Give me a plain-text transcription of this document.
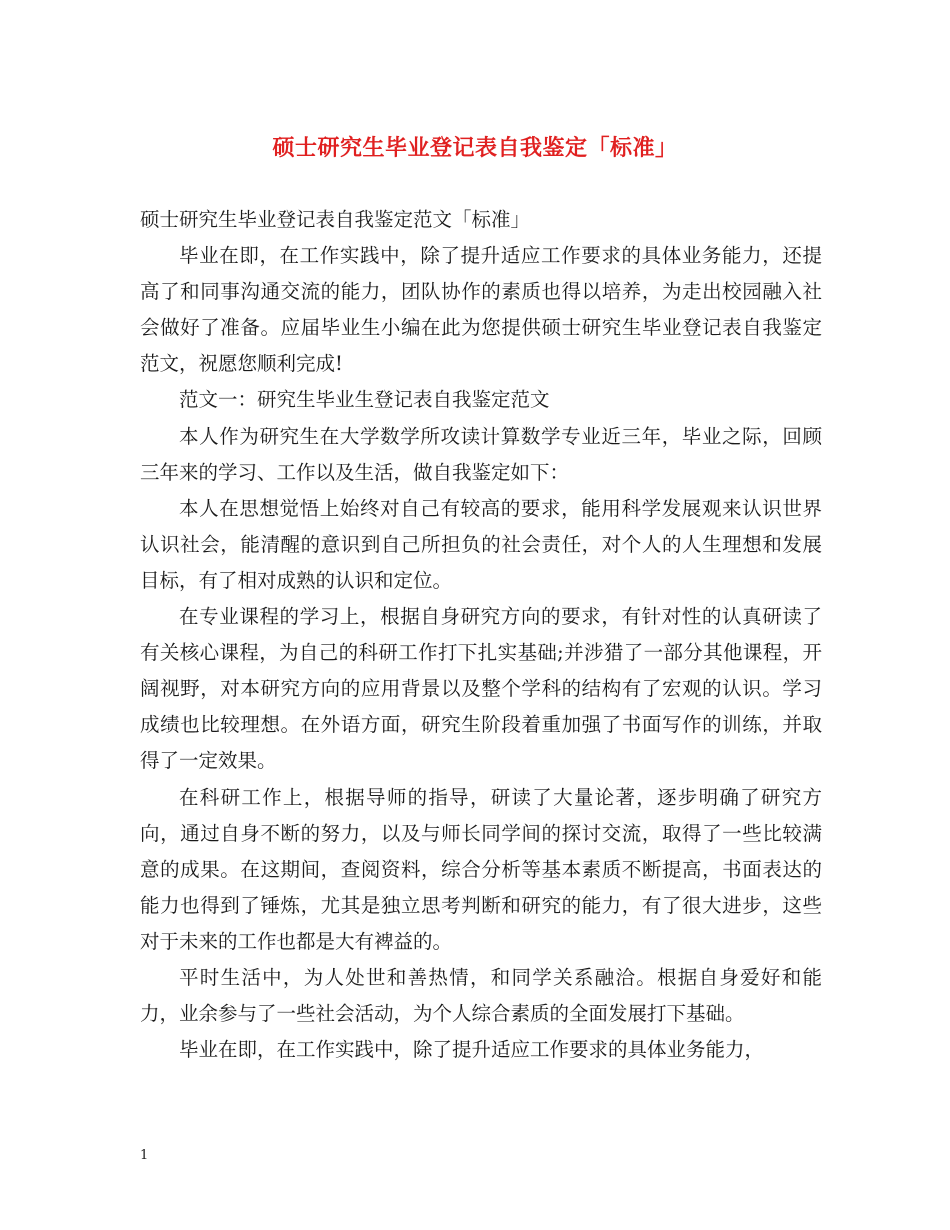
硕士研究生毕业登记表自我鉴定「标准」

硕士研究生毕业登记表自我鉴定范文「标准」

毕业在即，在工作实践中，除了提升适应工作要求的具体业务能力，还提高了和同事沟通交流的能力，团队协作的素质也得以培养，为走出校园融入社会做好了准备。应届毕业生小编在此为您提供硕士研究生毕业登记表自我鉴定范文，祝愿您顺利完成!

范文一：研究生毕业生登记表自我鉴定范文

本人作为研究生在大学数学所攻读计算数学专业近三年，毕业之际，回顾三年来的学习、工作以及生活，做自我鉴定如下：

本人在思想觉悟上始终对自己有较高的要求，能用科学发展观来认识世界认识社会，能清醒的意识到自己所担负的社会责任，对个人的人生理想和发展目标，有了相对成熟的认识和定位。

在专业课程的学习上，根据自身研究方向的要求，有针对性的认真研读了有关核心课程，为自己的科研工作打下扎实基础;并涉猎了一部分其他课程，开阔视野，对本研究方向的应用背景以及整个学科的结构有了宏观的认识。学习成绩也比较理想。在外语方面，研究生阶段着重加强了书面写作的训练，并取得了一定效果。

在科研工作上，根据导师的指导，研读了大量论著，逐步明确了研究方向，通过自身不断的努力，以及与师长同学间的探讨交流，取得了一些比较满意的成果。在这期间，查阅资料，综合分析等基本素质不断提高，书面表达的能力也得到了锤炼，尤其是独立思考判断和研究的能力，有了很大进步，这些对于未来的工作也都是大有裨益的。

平时生活中，为人处世和善热情，和同学关系融洽。根据自身爱好和能力，业余参与了一些社会活动，为个人综合素质的全面发展打下基础。

毕业在即，在工作实践中，除了提升适应工作要求的具体业务能力，

1
